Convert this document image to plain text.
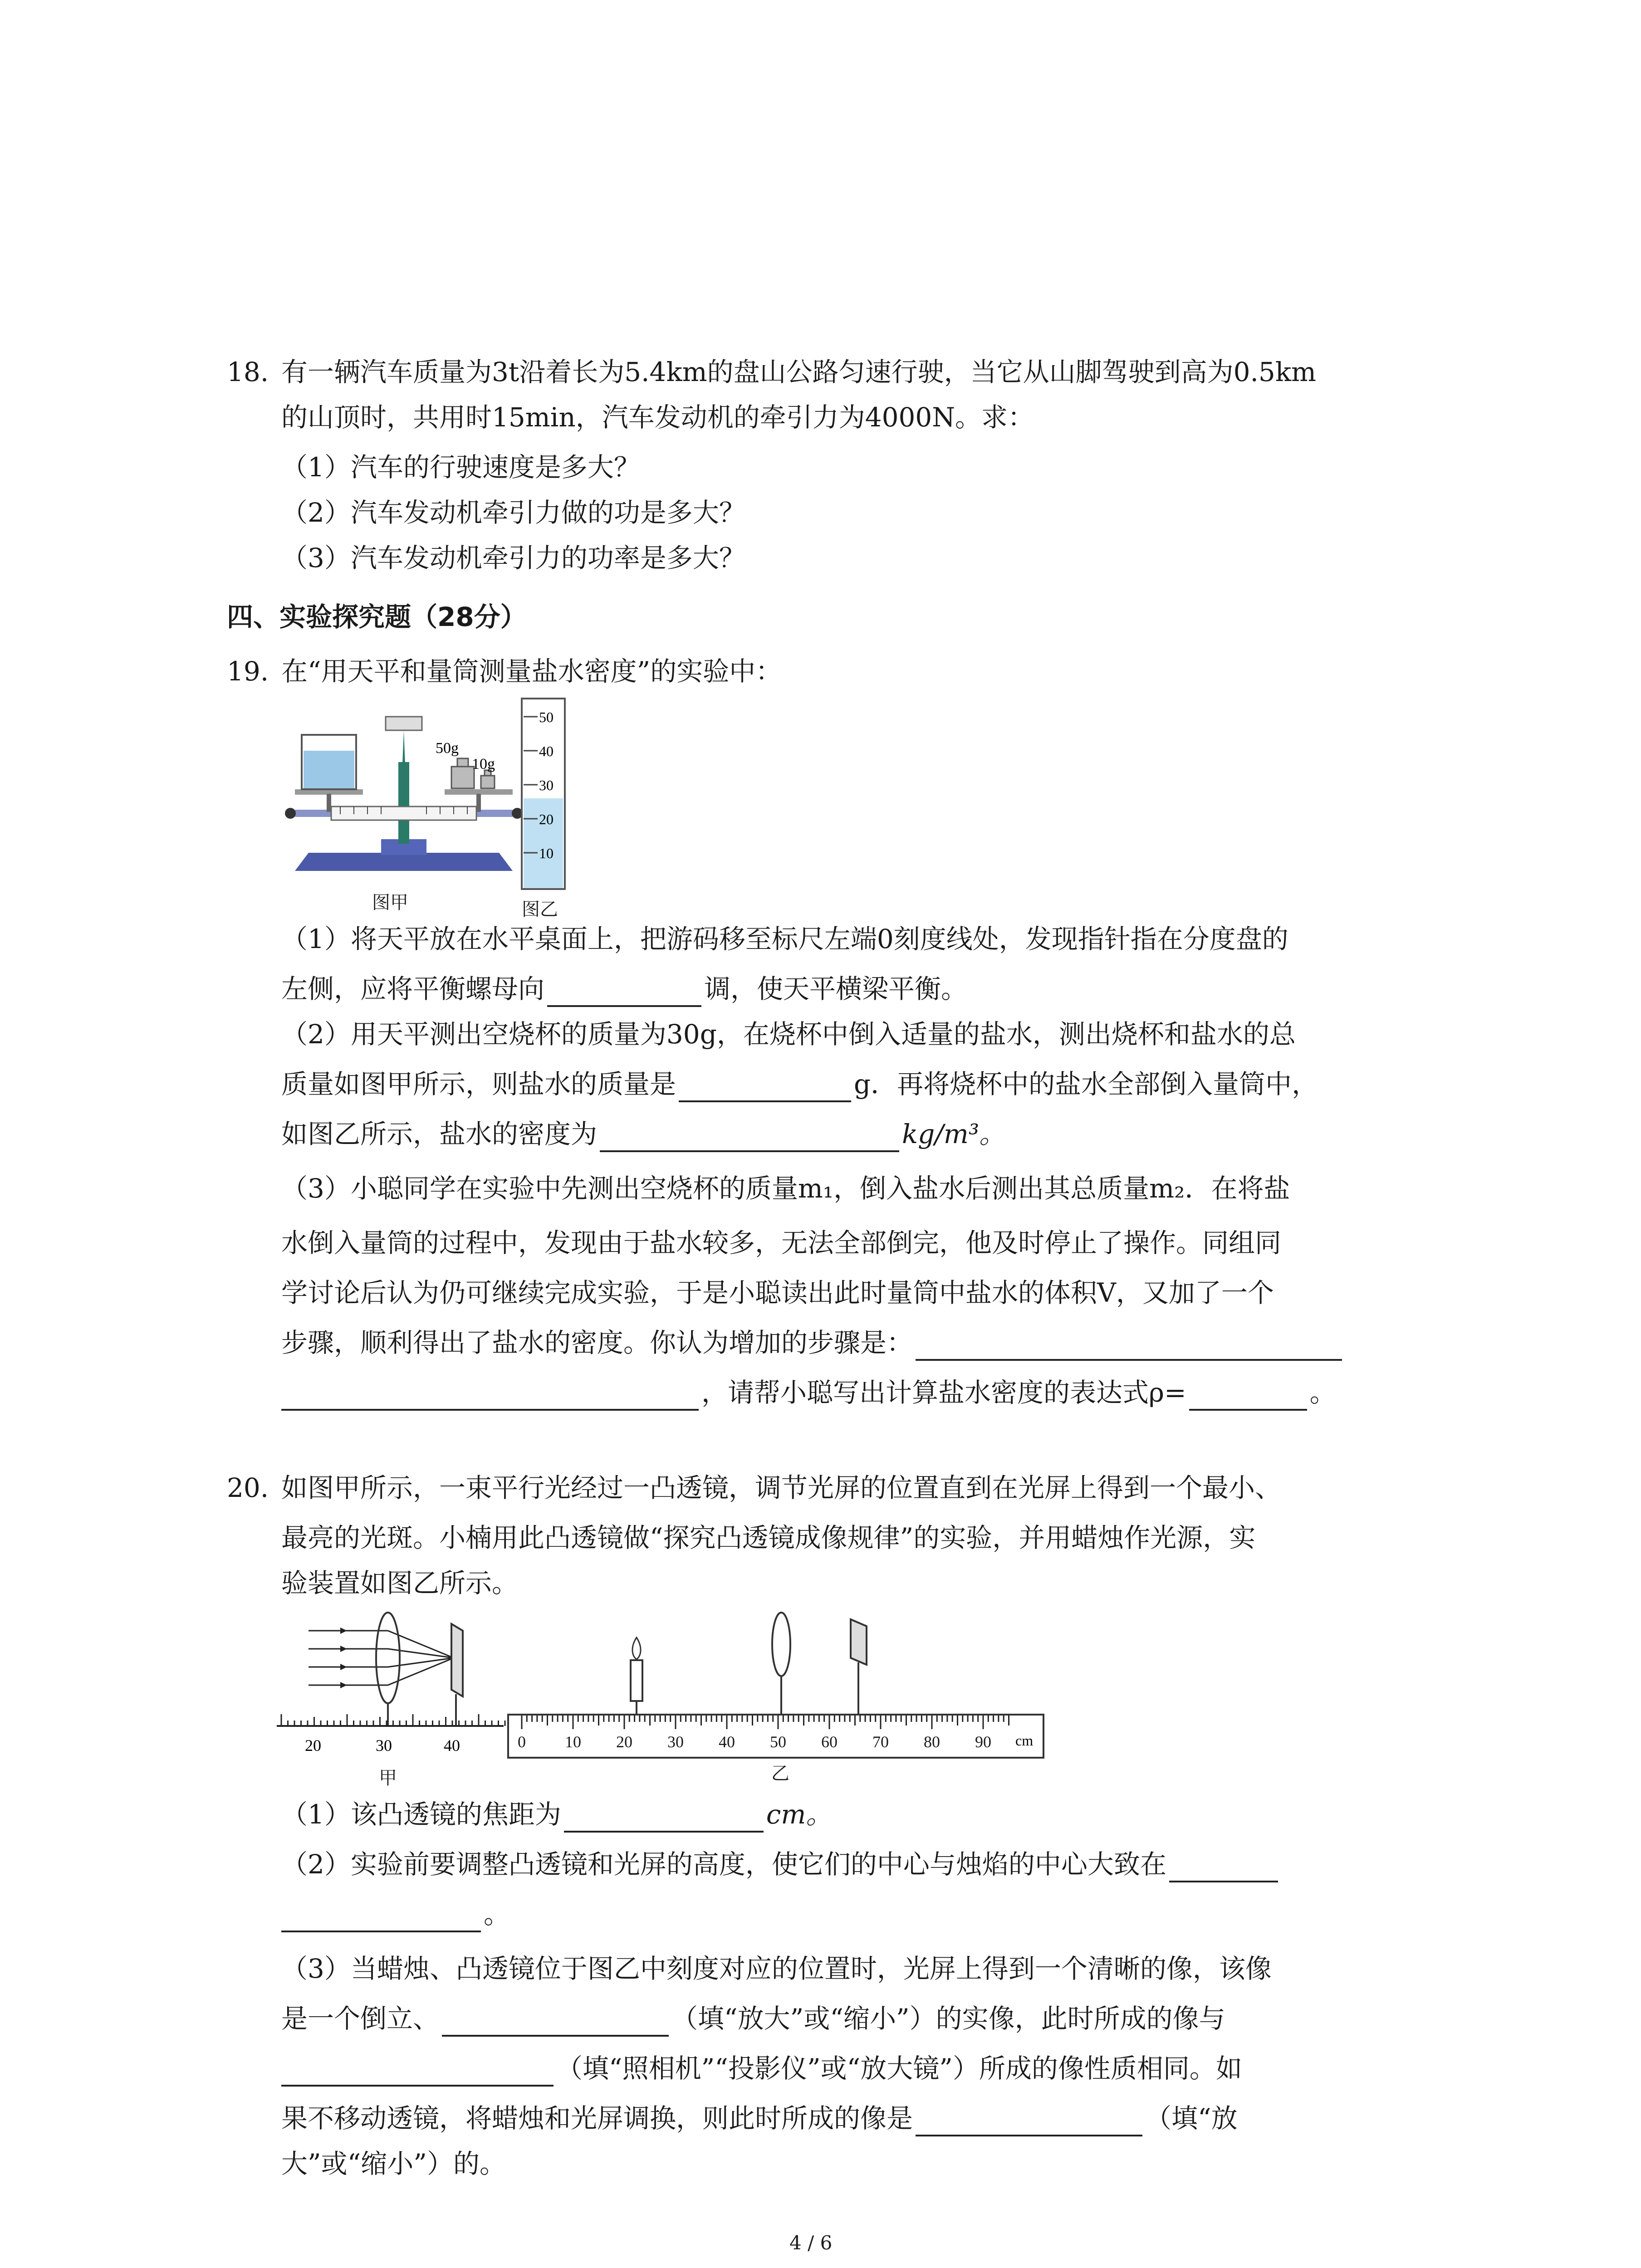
18. 有一辆汽车质量为3t沿着长为5.4km的盘山公路匀速行驶，当它从山脚驾驶到高为0.5km
的山顶时，共用时15min，汽车发动机的牵引力为4000N。求：
（1）汽车的行驶速度是多大？
（2）汽车发动机牵引力做的功是多大？
（3）汽车发动机牵引力的功率是多大？
四、实验探究题（28分）
19. 在“用天平和量筒测量盐水密度”的实验中：
50g
10g
图甲
50
40
30
20
10
图乙
（1）将天平放在水平桌面上，把游码移至标尺左端0刻度线处，发现指针指在分度盘的
左侧，应将平衡螺母向	调，使天平横梁平衡。
（2）用天平测出空烧杯的质量为30g，在烧杯中倒入适量的盐水，测出烧杯和盐水的总
质量如图甲所示，则盐水的质量是	g．再将烧杯中的盐水全部倒入量筒中，
如图乙所示，盐水的密度为	kg/m³。
（3）小聪同学在实验中先测出空烧杯的质量m₁，倒入盐水后测出其总质量m₂．在将盐
水倒入量筒的过程中，发现由于盐水较多，无法全部倒完，他及时停止了操作。同组同
学讨论后认为仍可继续完成实验，于是小聪读出此时量筒中盐水的体积V，又加了一个
步骤，顺利得出了盐水的密度。你认为增加的步骤是：
，请帮小聪写出计算盐水密度的表达式ρ=	。
20. 如图甲所示，一束平行光经过一凸透镜，调节光屏的位置直到在光屏上得到一个最小、
最亮的光斑。小楠用此凸透镜做“探究凸透镜成像规律”的实验，并用蜡烛作光源，实
验装置如图乙所示。
20	30	40
甲
0 10 20 30 40 50 60 70 80 90 cm
乙
（1）该凸透镜的焦距为	cm。
（2）实验前要调整凸透镜和光屏的高度，使它们的中心与烛焰的中心大致在
。
（3）当蜡烛、凸透镜位于图乙中刻度对应的位置时，光屏上得到一个清晰的像，该像
是一个倒立、	（填“放大”或“缩小”）的实像，此时所成的像与
（填“照相机”“投影仪”或“放大镜”）所成的像性质相同。如
果不移动透镜，将蜡烛和光屏调换，则此时所成的像是	（填“放
大”或“缩小”）的。
4 / 6
